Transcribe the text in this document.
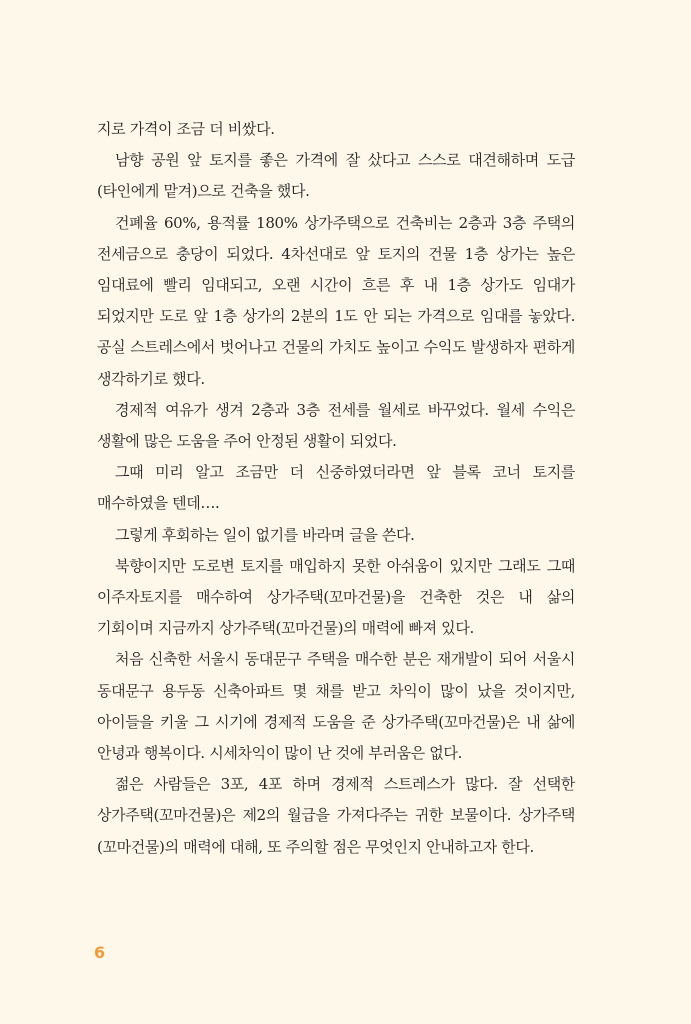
지로 가격이 조금 더 비쌌다.

남향 공원 앞 토지를 좋은 가격에 잘 샀다고 스스로 대견해하며 도급(타인에게 맡겨)으로 건축을 했다.

건폐율 60%, 용적률 180% 상가주택으로 건축비는 2층과 3층 주택의 전세금으로 충당이 되었다. 4차선대로 앞 토지의 건물 1층 상가는 높은 임대료에 빨리 임대되고, 오랜 시간이 흐른 후 내 1층 상가도 임대가 되었지만 도로 앞 1층 상가의 2분의 1도 안 되는 가격으로 임대를 놓았다. 공실 스트레스에서 벗어나고 건물의 가치도 높이고 수익도 발생하자 편하게 생각하기로 했다.

경제적 여유가 생겨 2층과 3층 전세를 월세로 바꾸었다. 월세 수익은 생활에 많은 도움을 주어 안정된 생활이 되었다.

그때 미리 알고 조금만 더 신중하였더라면 앞 블록 코너 토지를 매수하였을 텐데….

그렇게 후회하는 일이 없기를 바라며 글을 쓴다.

북향이지만 도로변 토지를 매입하지 못한 아쉬움이 있지만 그래도 그때 이주자토지를 매수하여 상가주택(꼬마건물)을 건축한 것은 내 삶의 기회이며 지금까지 상가주택(꼬마건물)의 매력에 빠져 있다.

처음 신축한 서울시 동대문구 주택을 매수한 분은 재개발이 되어 서울시 동대문구 용두동 신축아파트 몇 채를 받고 차익이 많이 났을 것이지만, 아이들을 키울 그 시기에 경제적 도움을 준 상가주택(꼬마건물)은 내 삶에 안녕과 행복이다. 시세차익이 많이 난 것에 부러움은 없다.

젊은 사람들은 3포, 4포 하며 경제적 스트레스가 많다. 잘 선택한 상가주택(꼬마건물)은 제2의 월급을 가져다주는 귀한 보물이다. 상가주택(꼬마건물)의 매력에 대해, 또 주의할 점은 무엇인지 안내하고자 한다.

6
